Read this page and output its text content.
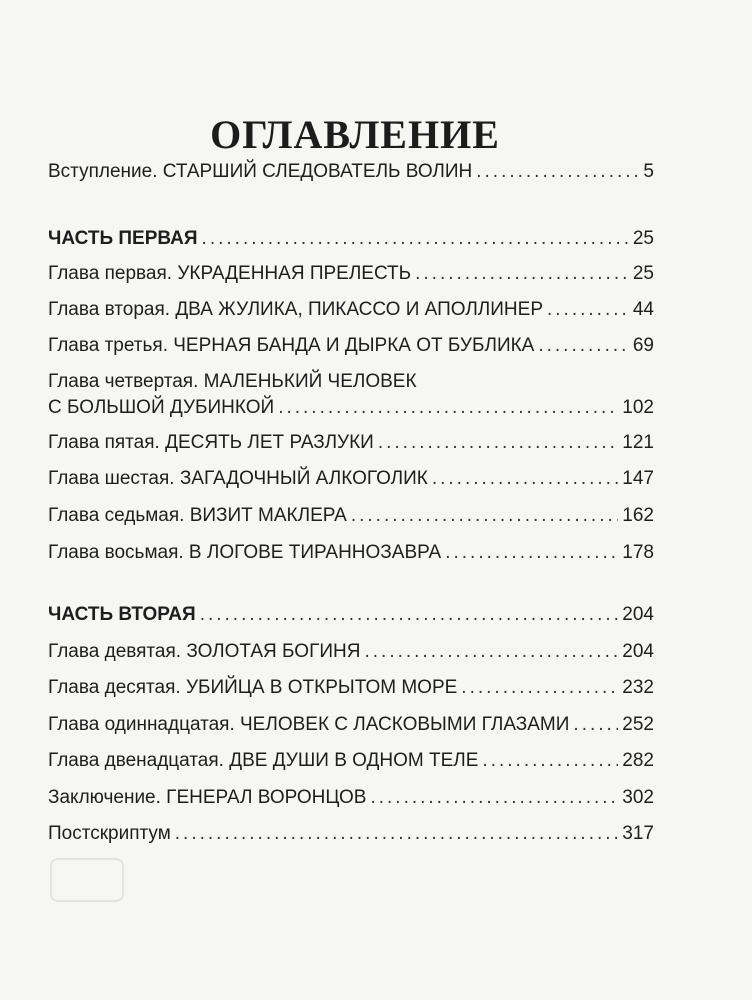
ОГЛАВЛЕНИЕ
Вступление. СТАРШИЙ СЛЕДОВАТЕЛЬ ВОЛИН .....	5
ЧАСТЬ ПЕРВАЯ .....	25
Глава первая. УКРАДЕННАЯ ПРЕЛЕСТЬ .....	25
Глава вторая. ДВА ЖУЛИКА, ПИКАССО И АПОЛЛИНЕР .....	44
Глава третья. ЧЕРНАЯ БАНДА И ДЫРКА ОТ БУБЛИКА .....	69
Глава четвертая. МАЛЕНЬКИЙ ЧЕЛОВЕК
С БОЛЬШОЙ ДУБИНКОЙ .....	102
Глава пятая. ДЕСЯТЬ ЛЕТ РАЗЛУКИ .....	121
Глава шестая. ЗАГАДОЧНЫЙ АЛКОГОЛИК .....	147
Глава седьмая. ВИЗИТ МАКЛЕРА .....	162
Глава восьмая. В ЛОГОВЕ ТИРАННОЗАВРА .....	178
ЧАСТЬ ВТОРАЯ .....	204
Глава девятая. ЗОЛОТАЯ БОГИНЯ .....	204
Глава десятая. УБИЙЦА В ОТКРЫТОМ МОРЕ .....	232
Глава одиннадцатая. ЧЕЛОВЕК С ЛАСКОВЫМИ ГЛАЗАМИ .....	252
Глава двенадцатая. ДВЕ ДУШИ В ОДНОМ ТЕЛЕ .....	282
Заключение. ГЕНЕРАЛ ВОРОНЦОВ .....	302
Постскриптум .....	317
